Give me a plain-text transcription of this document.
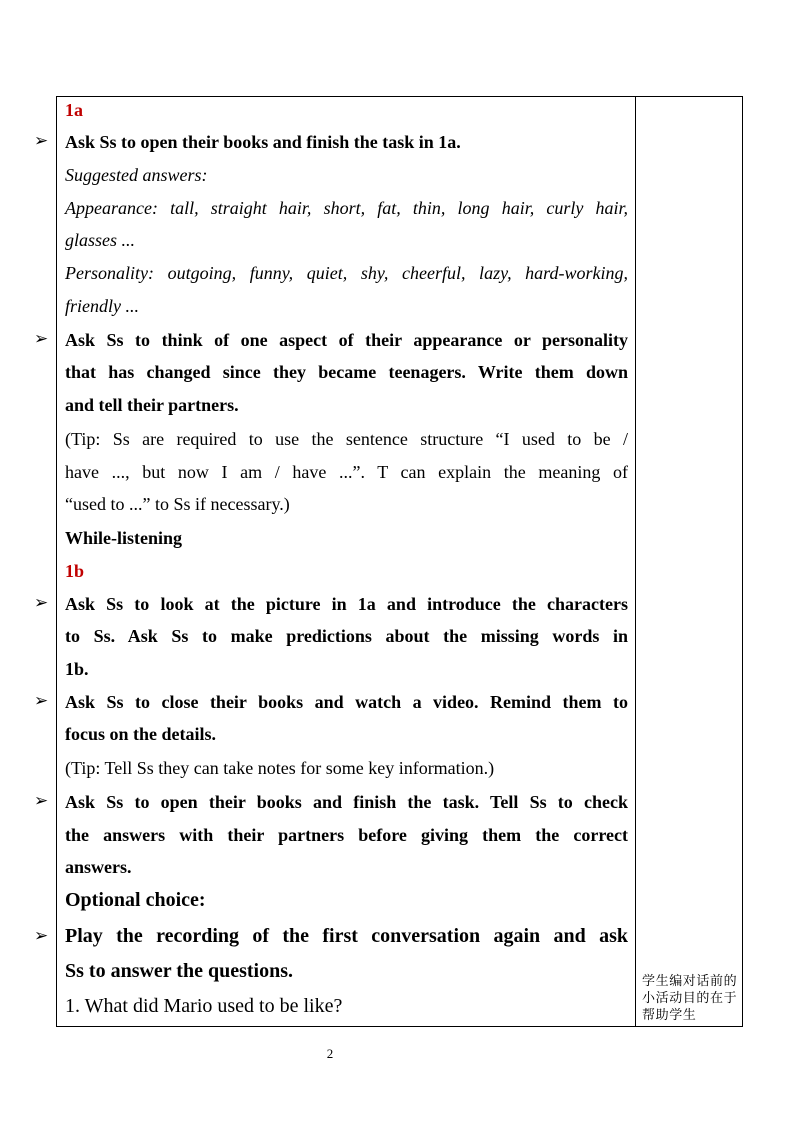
学生编对话前的小活动目的在于帮助学生
1a
➢ Ask Ss to open their books and finish the task in 1a.
Suggested answers:
Appearance: tall, straight hair, short, fat, thin, long hair, curly hair,
glasses ...
Personality: outgoing, funny, quiet, shy, cheerful, lazy, hard-working,
friendly ...
➢ Ask Ss to think of one aspect of their appearance or personality
that has changed since they became teenagers. Write them down
and tell their partners.
(Tip: Ss are required to use the sentence structure “I used to be /
have ..., but now I am / have ...”. T can explain the meaning of
“used to ...” to Ss if necessary.)
While-listening
1b
➢ Ask Ss to look at the picture in 1a and introduce the characters
to Ss. Ask Ss to make predictions about the missing words in
1b.
➢ Ask Ss to close their books and watch a video. Remind them to
focus on the details.
(Tip: Tell Ss they can take notes for some key information.)
➢ Ask Ss to open their books and finish the task. Tell Ss to check
the answers with their partners before giving them the correct
answers.
Optional choice:
➢ Play the recording of the first conversation again and ask
Ss to answer the questions.
1. What did Mario used to be like?
2
